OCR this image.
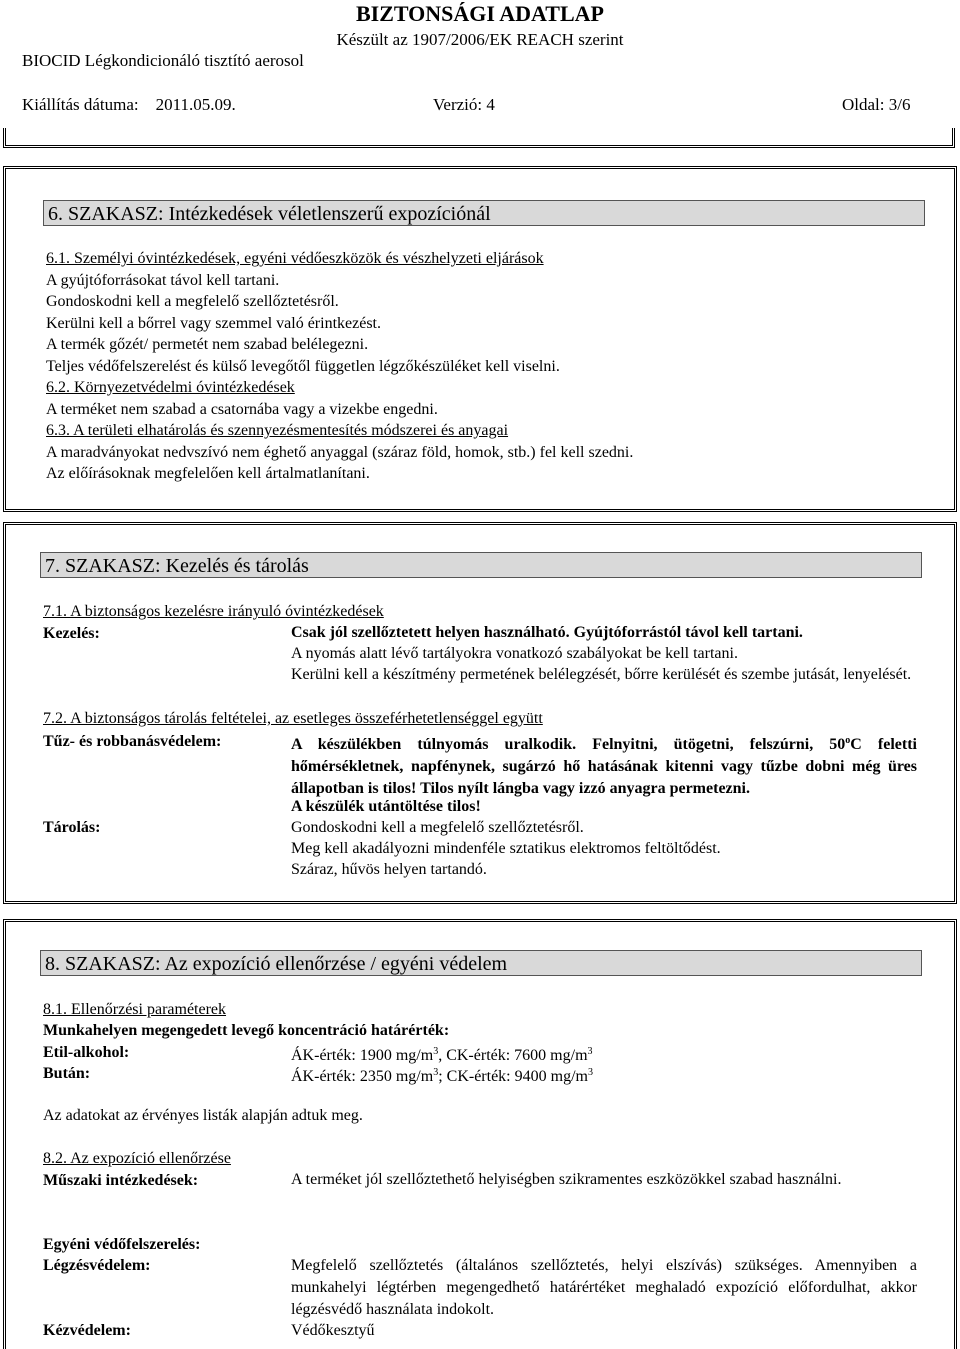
BIZTONSÁGI ADATLAP
Készült az 1907/2006/EK REACH szerint
BIOCID Légkondicionáló tisztító aerosol
Kiállítás dátuma:    2011.05.09.	Verzió: 4	Oldal: 3/6
6. SZAKASZ: Intézkedések véletlenszerű expozíciónál
6.1. Személyi óvintézkedések, egyéni védőeszközök és vészhelyzeti eljárások
A gyújtóforrásokat távol kell tartani.
Gondoskodni kell a megfelelő szellőztetésről.
Kerülni kell a bőrrel vagy szemmel való érintkezést.
A termék gőzét/ permetét nem szabad belélegezni.
Teljes védőfelszerelést és külső levegőtől független légzőkészüléket kell viselni.
6.2. Környezetvédelmi óvintézkedések
A terméket nem szabad a csatornába vagy a vizekbe engedni.
6.3. A területi elhatárolás és szennyezésmentesítés módszerei és anyagai
A maradványokat nedvszívó nem éghető anyaggal (száraz föld, homok, stb.) fel kell szedni.
Az előírásoknak megfelelően kell ártalmatlanítani.
7. SZAKASZ: Kezelés és tárolás
7.1. A biztonságos kezelésre irányuló óvintézkedések
Kezelés:	Csak jól szellőztetett helyen használható. Gyújtóforrástól távol kell tartani.
A nyomás alatt lévő tartályokra vonatkozó szabályokat be kell tartani.
Kerülni kell a készítmény permetének belélegzését, bőrre kerülését és szembe jutását, lenyelését.
7.2. A biztonságos tárolás feltételei, az esetleges összeférhetetlenséggel együtt
Tűz- és robbanásvédelem:	A készülékben túlnyomás uralkodik. Felnyitni, ütögetni, felszúrni, 50$^o$C feletti hőmérsékletnek, napfénynek, sugárzó hő hatásának kitenni vagy tűzbe dobni még üres állapotban is tilos! Tilos nyílt lángba vagy izzó anyagra permetezni.
A készülék utántöltése tilos!
Tárolás:	Gondoskodni kell a megfelelő szellőztetésről.
Meg kell akadályozni mindenféle sztatikus elektromos feltöltődést.
Száraz, hűvös helyen tartandó.
8. SZAKASZ: Az expozíció ellenőrzése / egyéni védelem
8.1. Ellenőrzési paraméterek
Munkahelyen megengedett levegő koncentráció határérték:
Etil-alkohol:	ÁK-érték: 1900 $mg/m^3$, CK-érték: 7600 $mg/m^3$
Bután:	ÁK-érték: 2350 $mg/m^3$; CK-érték: 9400 $mg/m^3$
Az adatokat az érvényes listák alapján adtuk meg.
8.2. Az expozíció ellenőrzése
Műszaki intézkedések:	A terméket jól szellőztethető helyiségben szikramentes eszközökkel szabad használni.
Egyéni védőfelszerelés:
Légzésvédelem:	Megfelelő szellőztetés (általános szellőztetés, helyi elszívás) szükséges. Amennyiben a munkahelyi légtérben megengedhető határértéket meghaladó expozíció előfordulhat, akkor légzésvédő használata indokolt.
Kézvédelem:	Védőkesztyű
